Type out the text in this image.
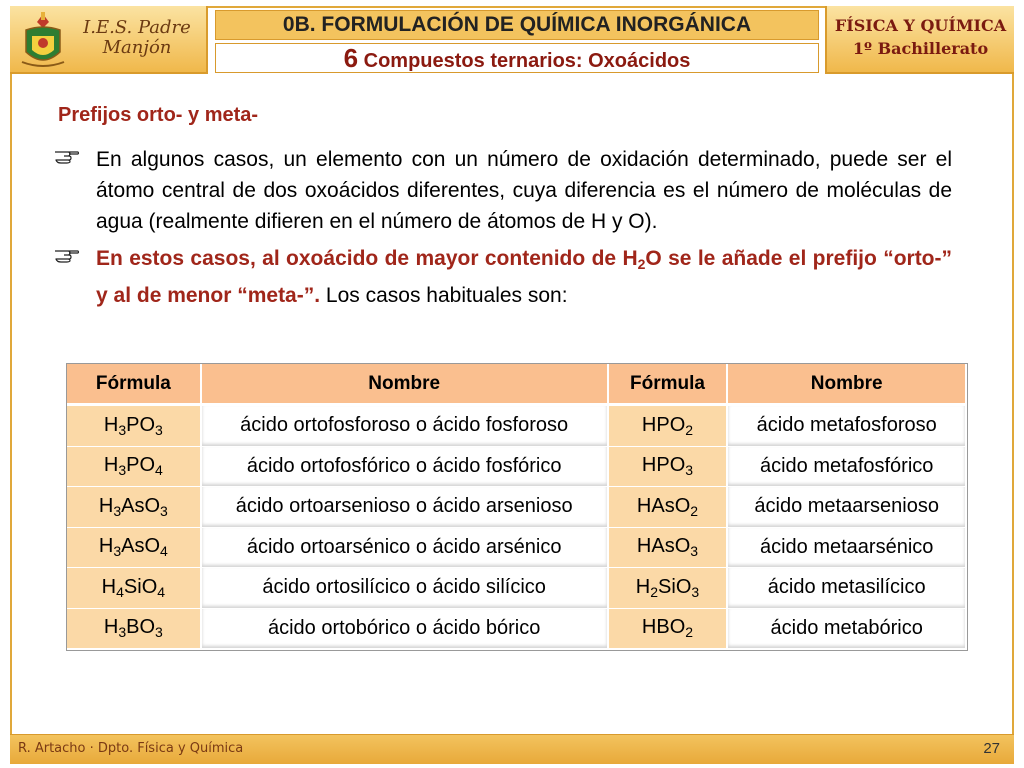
I.E.S. Padre Manjón
0B. FORMULACIÓN DE QUÍMICA INORGÁNICA
6 Compuestos ternarios: Oxoácidos
FÍSICA Y QUÍMICA
1º Bachillerato
Prefijos orto- y meta-
En algunos casos, un elemento con un número de oxidación determinado, puede ser el átomo central de dos oxoácidos diferentes, cuya diferencia es el número de moléculas de agua (realmente difieren en el número de átomos de H y O).
En estos casos, al oxoácido de mayor contenido de $H_2O$ se le añade el prefijo “orto-” y al de menor “meta-”. Los casos habituales son:
Fórmula	Nombre	Fórmula	Nombre
$H_3PO_3$	ácido ortofosforoso o ácido fosforoso	$HPO_2$	ácido metafosforoso
$H_3PO_4$	ácido ortofosfórico o ácido fosfórico	$HPO_3$	ácido metafosfórico
$H_3AsO_3$	ácido ortoarsenioso o ácido arsenioso	HAsO$_2$	ácido metaarsenioso
$H_3AsO_4$	ácido ortoarsénico o ácido arsénico	HAsO$_3$	ácido metaarsénico
$H_4SiO_4$	ácido ortosilícico o ácido silícico	$H_2SiO_3$	ácido metasilícico
$H_3BO_3$	ácido ortobórico o ácido bórico	$HBO_2$	ácido metabórico
R. Artacho · Dpto. Física y Química	27
